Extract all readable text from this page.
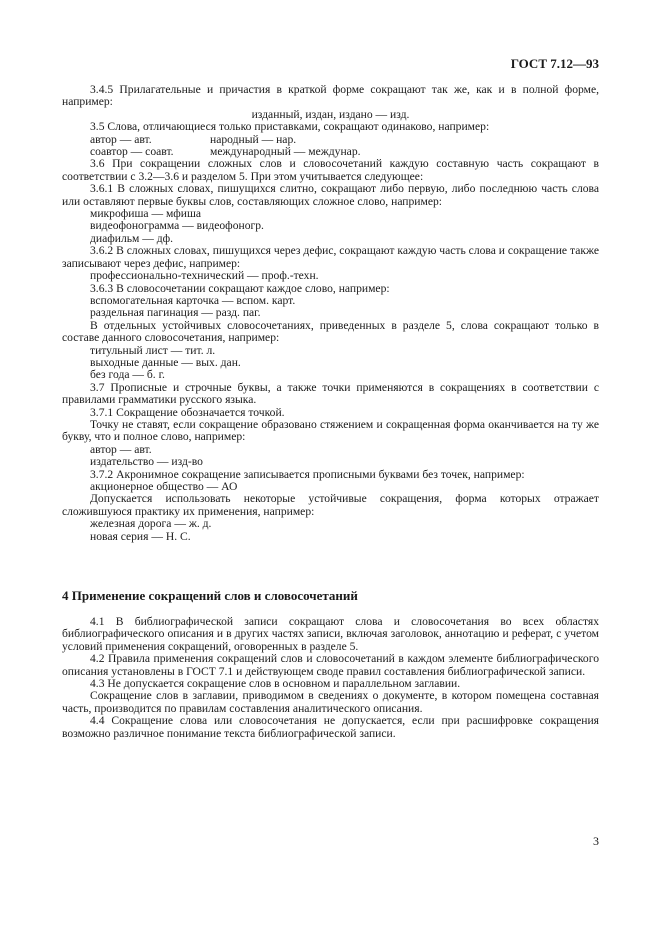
ГОСТ 7.12—93

3.4.5 Прилагательные и причастия в краткой форме сокращают так же, как и в полной форме, например:

изданный, издан, издано — изд.

3.5 Слова, отличающиеся только приставками, сокращают одинаково, например:

автор — авт.	народный — нар.
соавтор — соавт.	международный — междунар.

3.6 При сокращении сложных слов и словосочетаний каждую составную часть сокращают в соответствии с 3.2—3.6 и разделом 5. При этом учитывается следующее:

3.6.1 В сложных словах, пишущихся слитно, сокращают либо первую, либо последнюю часть слова или оставляют первые буквы слов, составляющих сложное слово, например:

микрофиша — мфиша

видеофонограмма — видеофоногр.

диафильм — дф.

3.6.2 В сложных словах, пишущихся через дефис, сокращают каждую часть слова и сокращение также записывают через дефис, например:

профессионально-технический — проф.-техн.

3.6.3 В словосочетании сокращают каждое слово, например:

вспомогательная карточка — вспом. карт.

раздельная пагинация — разд. паг.

В отдельных устойчивых словосочетаниях, приведенных в разделе 5, слова сокращают только в составе данного словосочетания, например:

титульный лист — тит. л.

выходные данные — вых. дан.

без года — б. г.

3.7 Прописные и строчные буквы, а также точки применяются в сокращениях в соответствии с правилами грамматики русского языка.

3.7.1 Сокращение обозначается точкой.

Точку не ставят, если сокращение образовано стяжением и сокращенная форма оканчивается на ту же букву, что и полное слово, например:

автор — авт.

издательство — изд-во

3.7.2 Акронимное сокращение записывается прописными буквами без точек, например:

акционерное общество — АО

Допускается использовать некоторые устойчивые сокращения, форма которых отражает сложившуюся практику их применения, например:

железная дорога — ж. д.

новая серия — Н. С.

4 Применение сокращений слов и словосочетаний

4.1 В библиографической записи сокращают слова и словосочетания во всех областях библиографического описания и в других частях записи, включая заголовок, аннотацию и реферат, с учетом условий применения сокращений, оговоренных в разделе 5.

4.2 Правила применения сокращений слов и словосочетаний в каждом элементе библиографического описания установлены в ГОСТ 7.1 и действующем своде правил составления библиографической записи.

4.3 Не допускается сокращение слов в основном и параллельном заглавии.

Сокращение слов в заглавии, приводимом в сведениях о документе, в котором помещена составная часть, производится по правилам составления аналитического описания.

4.4 Сокращение слова или словосочетания не допускается, если при расшифровке сокращения возможно различное понимание текста библиографической записи.

3
